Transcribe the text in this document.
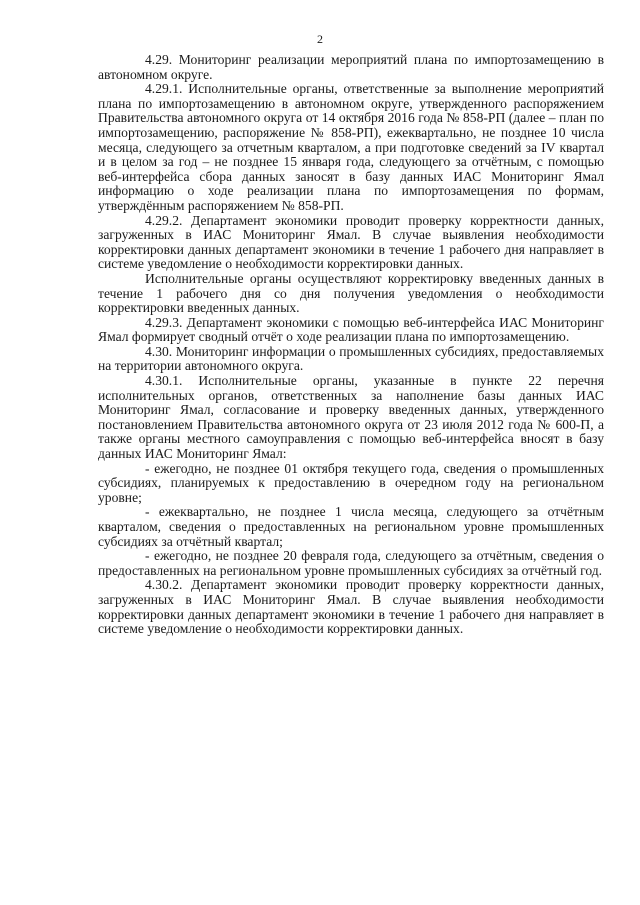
2

4.29. Мониторинг реализации мероприятий плана по импортозамещению в автономном округе.

4.29.1. Исполнительные органы, ответственные за выполнение мероприятий плана по импортозамещению в автономном округе, утвержденного распоряжением Правительства автономного округа от 14 октября 2016 года № 858-РП (далее – план по импортозамещению, распоряжение № 858-РП), ежеквартально, не позднее 10 числа месяца, следующего за отчетным кварталом, а при подготовке сведений за IV квартал и в целом за год – не позднее 15 января года, следующего за отчётным, с помощью веб-интерфейса сбора данных заносят в базу данных ИАС Мониторинг Ямал информацию о ходе реализации плана по импортозамещения по формам, утверждённым распоряжением № 858-РП.

4.29.2. Департамент экономики проводит проверку корректности данных, загруженных в ИАС Мониторинг Ямал. В случае выявления необходимости корректировки данных департамент экономики в течение 1 рабочего дня направляет в системе уведомление о необходимости корректировки данных.

Исполнительные органы осуществляют корректировку введенных данных в течение 1 рабочего дня со дня получения уведомления о необходимости корректировки введенных данных.

4.29.3. Департамент экономики с помощью веб-интерфейса ИАС Мониторинг Ямал формирует сводный отчёт о ходе реализации плана по импортозамещению.

4.30. Мониторинг информации о промышленных субсидиях, предоставляемых на территории автономного округа.

4.30.1. Исполнительные органы, указанные в пункте 22 перечня исполнительных органов, ответственных за наполнение базы данных ИАС Мониторинг Ямал, согласование и проверку введенных данных, утвержденного постановлением Правительства автономного округа от 23 июля 2012 года № 600-П, а также органы местного самоуправления с помощью веб-интерфейса вносят в базу данных ИАС Мониторинг Ямал:

- ежегодно, не позднее 01 октября текущего года, сведения о промышленных субсидиях, планируемых к предоставлению в очередном году на региональном уровне;

- ежеквартально, не позднее 1 числа месяца, следующего за отчётным кварталом, сведения о предоставленных на региональном уровне промышленных субсидиях за отчётный квартал;

- ежегодно, не позднее 20 февраля года, следующего за отчётным, сведения о предоставленных на региональном уровне промышленных субсидиях за отчётный год.

4.30.2. Департамент экономики проводит проверку корректности данных, загруженных в ИАС Мониторинг Ямал. В случае выявления необходимости корректировки данных департамент экономики в течение 1 рабочего дня направляет в системе уведомление о необходимости корректировки данных.
